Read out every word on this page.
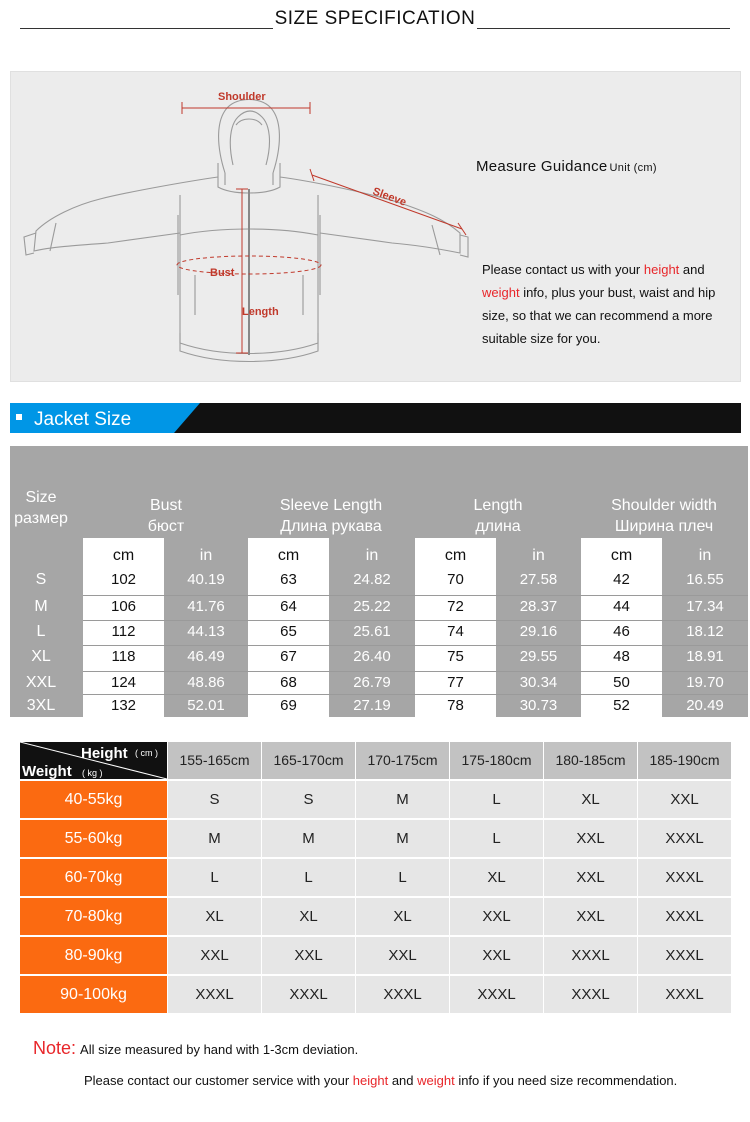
SIZE SPECIFICATION
Shoulder
Sleeve
Bust
Length
Measure Guidance Unit (cm)
Please contact us with your height and weight info, plus your bust, waist and hip size, so that we can recommend a more suitable size for you.
Jacket Size
Size
размер
Bust
бюст
Sleeve Length
Длина рукава
Length
длина
Shoulder width
Ширина плеч
cm	in	cm	in	cm	in	cm	in
S	102	40.19	63	24.82	70	27.58	42	16.55
M	106	41.76	64	25.22	72	28.37	44	17.34
L	112	44.13	65	25.61	74	29.16	46	18.12
XL	118	46.49	67	26.40	75	29.55	48	18.91
XXL	124	48.86	68	26.79	77	30.34	50	19.70
3XL	132	52.01	69	27.19	78	30.73	52	20.49
Height ( cm )
Weight ( kg )
155-165cm	165-170cm	170-175cm	175-180cm	180-185cm	185-190cm
40-55kg	S	S	M	L	XL	XXL
55-60kg	M	M	M	L	XXL	XXXL
60-70kg	L	L	L	XL	XXL	XXXL
70-80kg	XL	XL	XL	XXL	XXL	XXXL
80-90kg	XXL	XXL	XXL	XXL	XXXL	XXXL
90-100kg	XXXL	XXXL	XXXL	XXXL	XXXL	XXXL
Note: All size measured by hand with 1-3cm deviation.
Please contact our customer service with your height and weight info if you need size recommendation.
